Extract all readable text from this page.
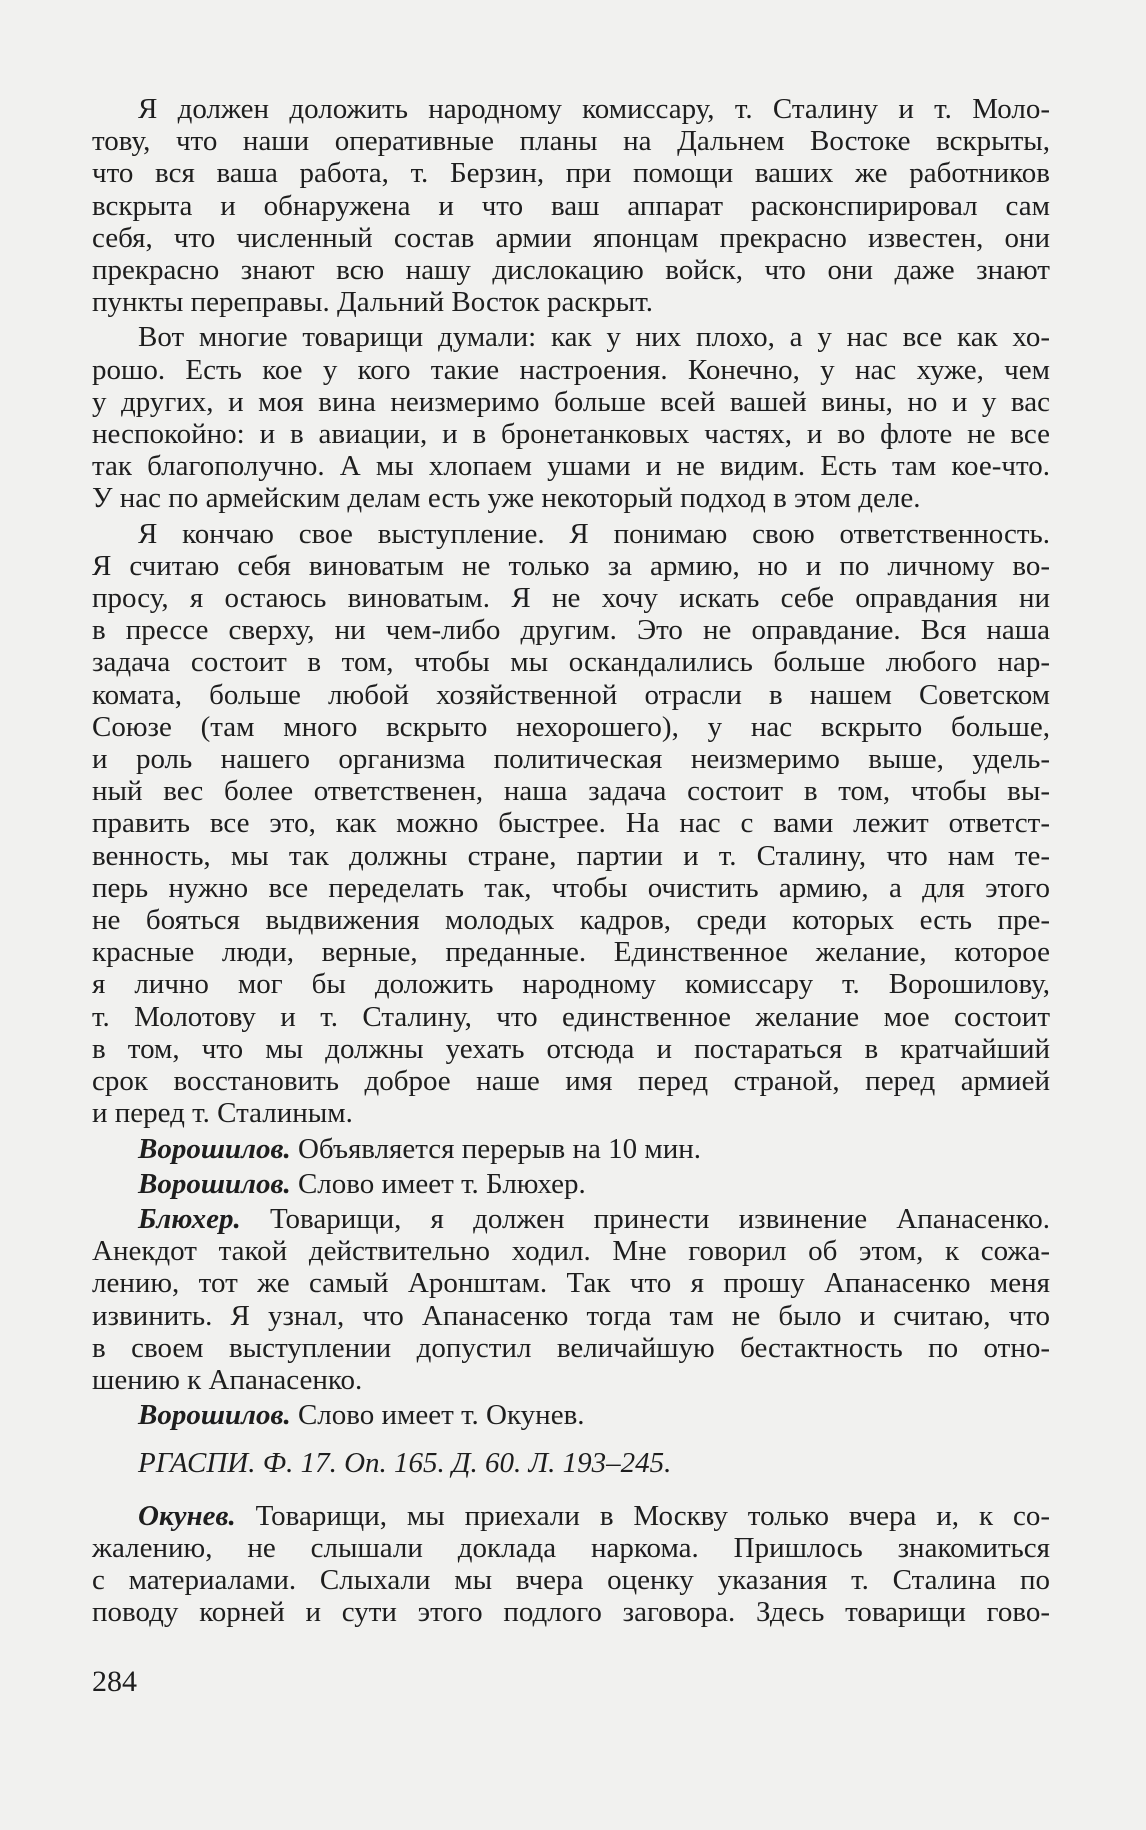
Я должен доложить народному комиссару, т. Сталину и т. Моло-
тову, что наши оперативные планы на Дальнем Востоке вскрыты,
что вся ваша работа, т. Берзин, при помощи ваших же работников
вскрыта и обнаружена и что ваш аппарат расконспирировал сам
себя, что численный состав армии японцам прекрасно известен, они
прекрасно знают всю нашу дислокацию войск, что они даже знают
пункты переправы. Дальний Восток раскрыт.
Вот многие товарищи думали: как у них плохо, а у нас все как хо-
рошо. Есть кое у кого такие настроения. Конечно, у нас хуже, чем
у других, и моя вина неизмеримо больше всей вашей вины, но и у вас
неспокойно: и в авиации, и в бронетанковых частях, и во флоте не все
так благополучно. А мы хлопаем ушами и не видим. Есть там кое-что.
У нас по армейским делам есть уже некоторый подход в этом деле.
Я кончаю свое выступление. Я понимаю свою ответственность.
Я считаю себя виноватым не только за армию, но и по личному во-
просу, я остаюсь виноватым. Я не хочу искать себе оправдания ни
в прессе сверху, ни чем-либо другим. Это не оправдание. Вся наша
задача состоит в том, чтобы мы оскандалились больше любого нар-
комата, больше любой хозяйственной отрасли в нашем Советском
Союзе (там много вскрыто нехорошего), у нас вскрыто больше,
и роль нашего организма политическая неизмеримо выше, удель-
ный вес более ответственен, наша задача состоит в том, чтобы вы-
править все это, как можно быстрее. На нас с вами лежит ответст-
венность, мы так должны стране, партии и т. Сталину, что нам те-
перь нужно все переделать так, чтобы очистить армию, а для этого
не бояться выдвижения молодых кадров, среди которых есть пре-
красные люди, верные, преданные. Единственное желание, которое
я лично мог бы доложить народному комиссару т. Ворошилову,
т. Молотову и т. Сталину, что единственное желание мое состоит
в том, что мы должны уехать отсюда и постараться в кратчайший
срок восстановить доброе наше имя перед страной, перед армией
и перед т. Сталиным.
Ворошилов. Объявляется перерыв на 10 мин.
Ворошилов. Слово имеет т. Блюхер.
Блюхер. Товарищи, я должен принести извинение Апанасенко.
Анекдот такой действительно ходил. Мне говорил об этом, к сожа-
лению, тот же самый Аронштам. Так что я прошу Апанасенко меня
извинить. Я узнал, что Апанасенко тогда там не было и считаю, что
в своем выступлении допустил величайшую бестактность по отно-
шению к Апанасенко.
Ворошилов. Слово имеет т. Окунев.
РГАСПИ. Ф. 17. Оп. 165. Д. 60. Л. 193–245.
Окунев. Товарищи, мы приехали в Москву только вчера и, к со-
жалению, не слышали доклада наркома. Пришлось знакомиться
с материалами. Слыхали мы вчера оценку указания т. Сталина по
поводу корней и сути этого подлого заговора. Здесь товарищи гово-
284
